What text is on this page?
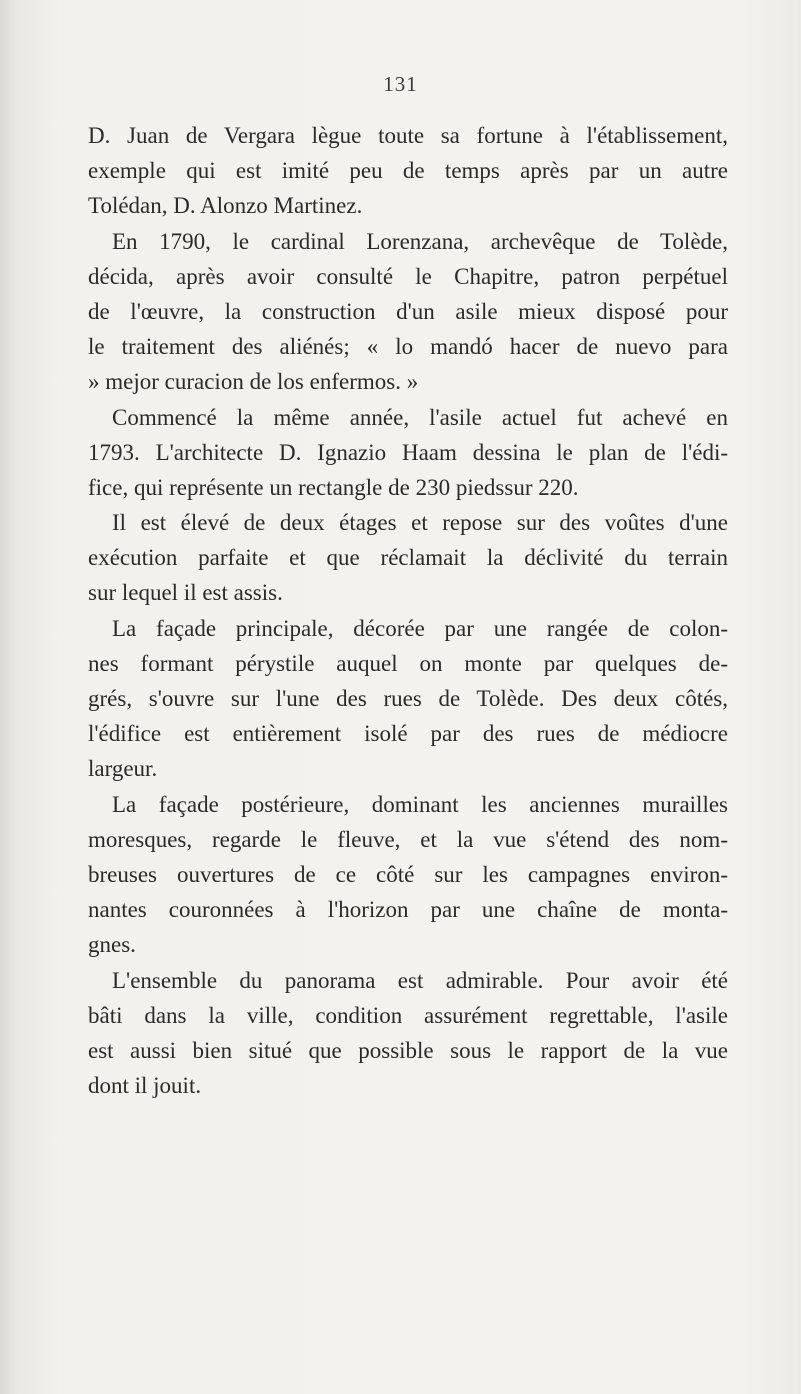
131
D. Juan de Vergara lègue toute sa fortune à l'établissement,
exemple qui est imité peu de temps après par un autre
Tolédan, D. Alonzo Martinez.
En 1790, le cardinal Lorenzana, archevêque de Tolède,
décida, après avoir consulté le Chapitre, patron perpétuel
de l'œuvre, la construction d'un asile mieux disposé pour
le traitement des aliénés; « lo mandó hacer de nuevo para
» mejor curacion de los enfermos. »
Commencé la même année, l'asile actuel fut achevé en
1793. L'architecte D. Ignazio Haam dessina le plan de l'édi-
fice, qui représente un rectangle de 230 piedssur 220.
Il est élevé de deux étages et repose sur des voûtes d'une
exécution parfaite et que réclamait la déclivité du terrain
sur lequel il est assis.
La façade principale, décorée par une rangée de colon-
nes formant pérystile auquel on monte par quelques de-
grés, s'ouvre sur l'une des rues de Tolède. Des deux côtés,
l'édifice est entièrement isolé par des rues de médiocre
largeur.
La façade postérieure, dominant les anciennes murailles
moresques, regarde le fleuve, et la vue s'étend des nom-
breuses ouvertures de ce côté sur les campagnes environ-
nantes couronnées à l'horizon par une chaîne de monta-
gnes.
L'ensemble du panorama est admirable. Pour avoir été
bâti dans la ville, condition assurément regrettable, l'asile
est aussi bien situé que possible sous le rapport de la vue
dont il jouit.
